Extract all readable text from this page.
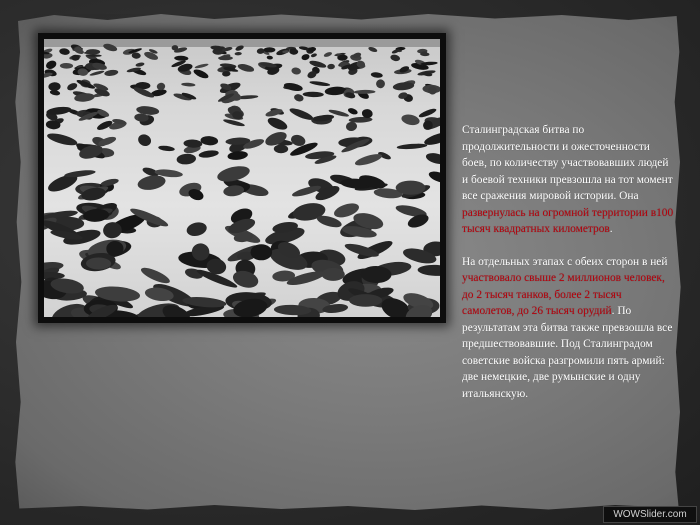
Сталинградская битва по продолжительности и ожесточенности боев, по количеству участвовавших людей и боевой техники превзошла на тот момент все сражения мировой истории. Она развернулась на огромной территории в100 тысяч квадратных километров.

На отдельных этапах с обеих сторон в ней участвовало свыше 2 миллионов человек, до 2 тысяч танков, более 2 тысяч самолетов, до 26 тысяч орудий. По результатам эта битва также превзошла все предшествовавшие. Под Сталинградом советские войска разгромили пять армий: две немецкие, две румынские и одну итальянскую.

WOWSlider.com
